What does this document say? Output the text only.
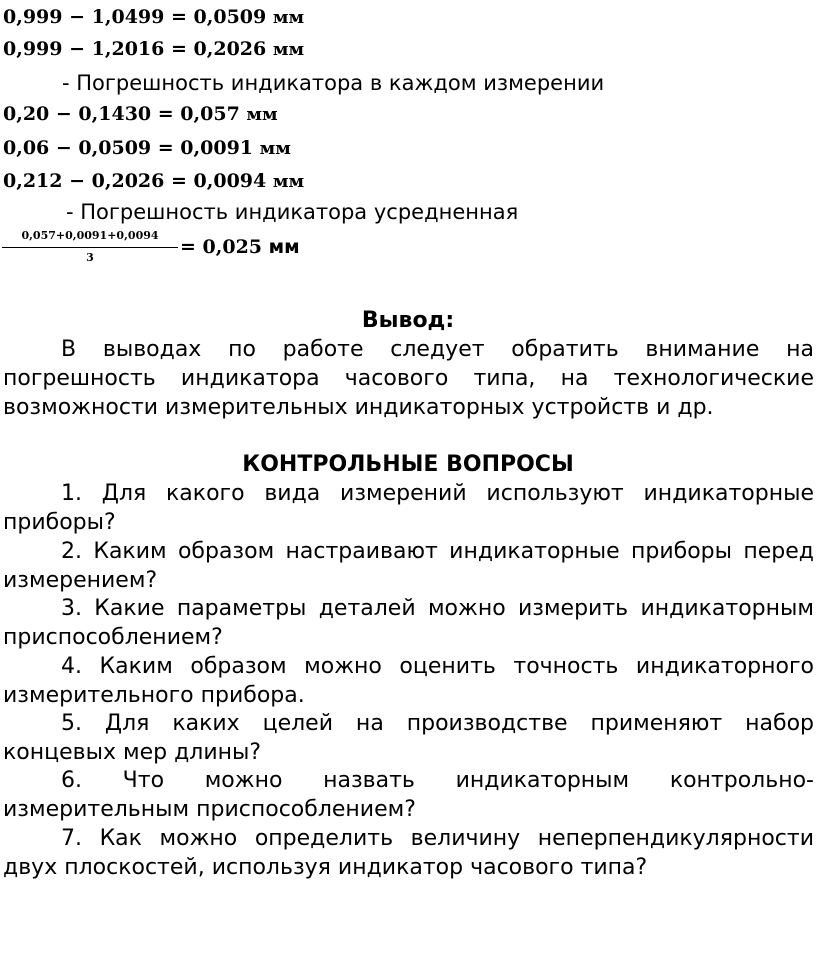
0,999 − 1,0499 = 0,0509 мм
0,999 − 1,2016 = 0,2026 мм
- Погрешность индикатора в каждом измерении
0,20 − 0,1430 = 0,057 мм
0,06 − 0,0509 = 0,0091 мм
0,212 − 0,2026 = 0,0094 мм
- Погрешность индикатора усредненная
0,057+0,0091+0,0094
3	= 0,025 мм
Вывод:
В выводах по работе следует обратить внимание на погрешность индикатора часового типа, на технологические возможности измерительных индикаторных устройств и др.
КОНТРОЛЬНЫЕ ВОПРОСЫ
1. Для какого вида измерений используют индикаторные приборы?
2. Каким образом настраивают индикаторные приборы перед измерением?
3. Какие параметры деталей можно измерить индикаторным приспособлением?
4. Каким образом можно оценить точность индикаторного измерительного прибора.
5. Для каких целей на производстве применяют набор концевых мер длины?
6. Что можно назвать индикаторным контрольно-измерительным приспособлением?
7. Как можно определить величину неперпендикулярности двух плоскостей, используя индикатор часового типа?
